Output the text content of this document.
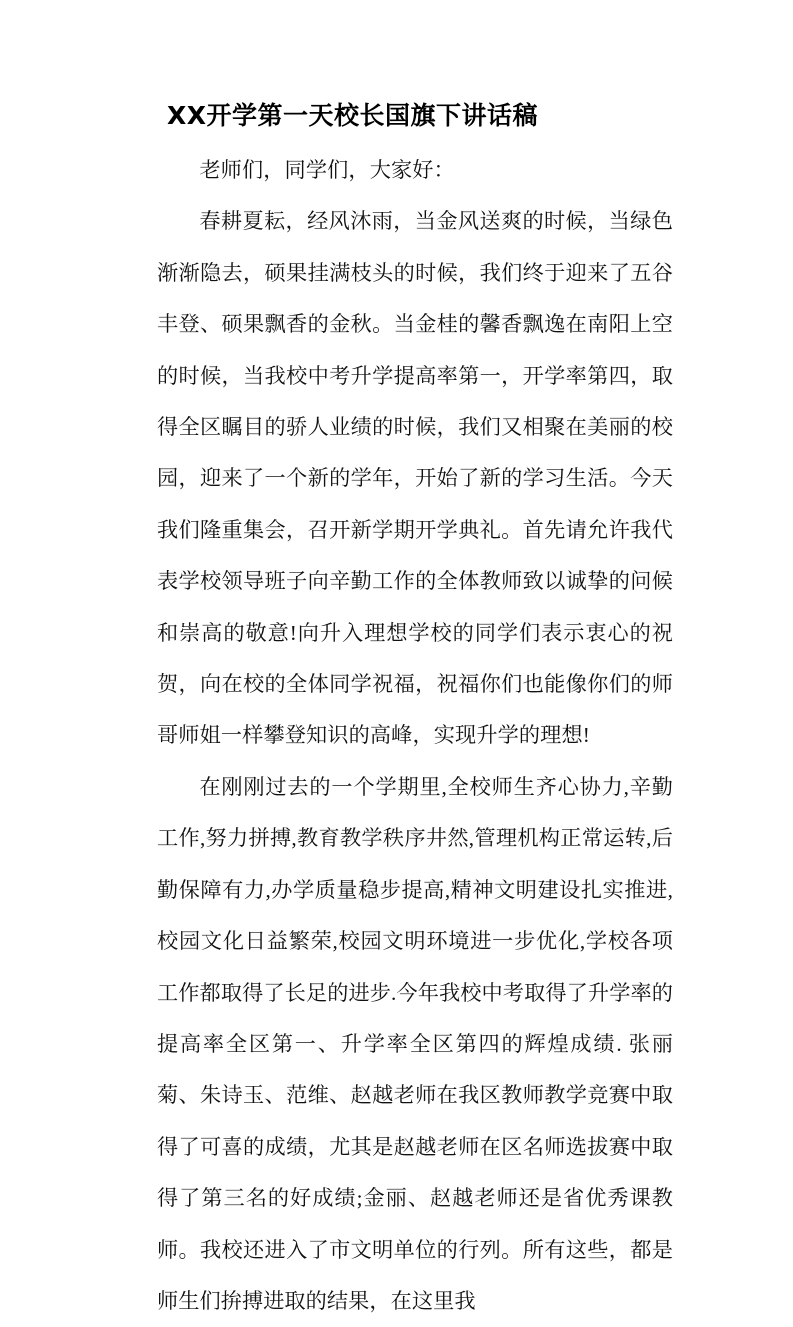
XX开学第一天校长国旗下讲话稿

老师们，同学们，大家好：

春耕夏耘，经风沐雨，当金风送爽的时候，当绿色渐渐隐去，硕果挂满枝头的时候，我们终于迎来了五谷丰登、硕果飘香的金秋。当金桂的馨香飘逸在南阳上空的时候，当我校中考升学提高率第一，开学率第四，取得全区瞩目的骄人业绩的时候，我们又相聚在美丽的校园，迎来了一个新的学年，开始了新的学习生活。今天我们隆重集会，召开新学期开学典礼。首先请允许我代表学校领导班子向辛勤工作的全体教师致以诚挚的问候和崇高的敬意!向升入理想学校的同学们表示衷心的祝贺，向在校的全体同学祝福，祝福你们也能像你们的师哥师姐一样攀登知识的高峰，实现升学的理想!

在刚刚过去的一个学期里,全校师生齐心协力,辛勤工作,努力拼搏,教育教学秩序井然,管理机构正常运转,后勤保障有力,办学质量稳步提高,精神文明建设扎实推进,校园文化日益繁荣,校园文明环境进一步优化,学校各项工作都取得了长足的进步.今年我校中考取得了升学率的提高率全区第一、升学率全区第四的辉煌成绩. 张丽菊、朱诗玉、范维、赵越老师在我区教师教学竞赛中取得了可喜的成绩，尤其是赵越老师在区名师选拔赛中取得了第三名的好成绩;金丽、赵越老师还是省优秀课教师。我校还进入了市文明单位的行列。所有这些，都是师生们拚搏进取的结果，在这里我
